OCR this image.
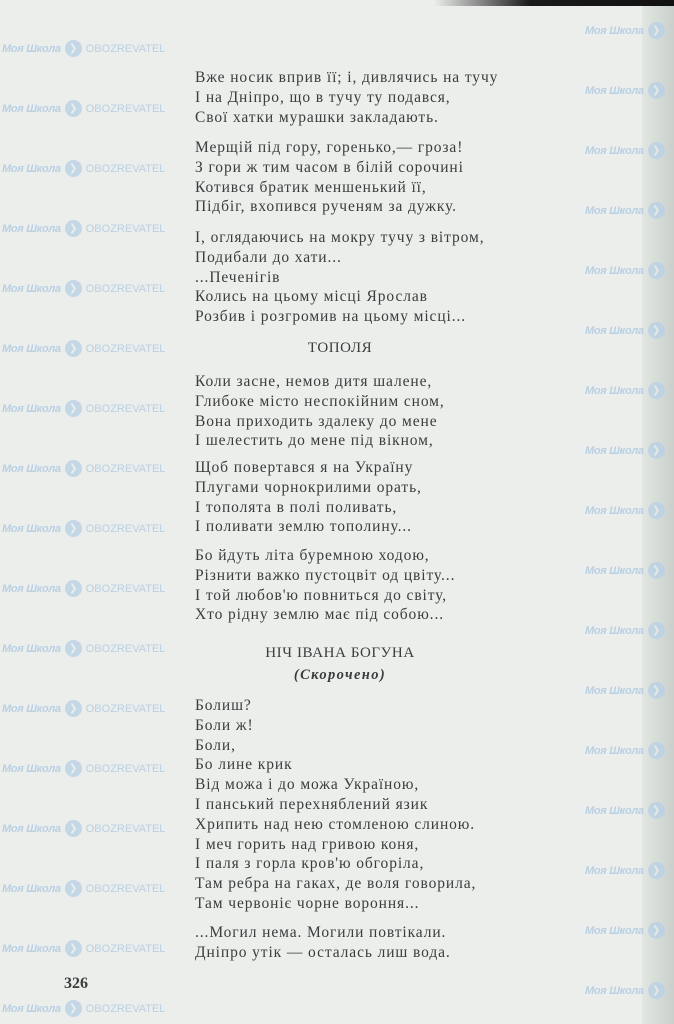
Моя Школа ❯ OBOZREVATEL
Моя Школа ❯ OBOZREVATEL
Моя Школа ❯ OBOZREVATEL
Моя Школа ❯ OBOZREVATEL
Моя Школа ❯ OBOZREVATEL
Моя Школа ❯ OBOZREVATEL
Моя Школа ❯ OBOZREVATEL
Моя Школа ❯ OBOZREVATEL
Моя Школа ❯ OBOZREVATEL
Моя Школа ❯ OBOZREVATEL
Моя Школа ❯ OBOZREVATEL
Моя Школа ❯ OBOZREVATEL
Моя Школа ❯ OBOZREVATEL
Моя Школа ❯ OBOZREVATEL
Моя Школа ❯ OBOZREVATEL
Моя Школа ❯ OBOZREVATEL
Моя Школа ❯ OBOZREVATEL
Моя Школа ❯
Моя Школа ❯
Моя Школа ❯
Моя Школа ❯
Моя Школа ❯
Моя Школа ❯
Моя Школа ❯
Моя Школа ❯
Моя Школа ❯
Моя Школа ❯
Моя Школа ❯
Моя Школа ❯
Моя Школа ❯
Моя Школа ❯
Моя Школа ❯
Моя Школа ❯
Моя Школа ❯
Вже носик вприв її; і, дивлячись на тучу
І на Дніпро, що в тучу ту подався,
Свої хатки мурашки закладають.
Мерщій під гору, горенько,— гроза!
З гори ж тим часом в білій сорочині
Котився братик меншенький її,
Підбіг, вхопився рученям за дужку.
І, оглядаючись на мокру тучу з вітром,
Подибали до хати...
...Печенігів
Колись на цьому місці Ярослав
Розбив і розгромив на цьому місці...
ТОПОЛЯ
Коли засне, немов дитя шалене,
Глибоке місто неспокійним сном,
Вона приходить здалеку до мене
І шелестить до мене під вікном,
Щоб повертався я на Україну
Плугами чорнокрилими орать,
І тополята в полі поливать,
І поливати землю тополину...
Бо йдуть літа буремною ходою,
Різнити важко пустоцвіт од цвіту...
І той любов'ю повниться до світу,
Хто рідну землю має під собою...
НІЧ ІВАНА БОГУНА
(Скорочено)
Болиш?
Боли ж!
Боли,
Бо лине крик
Від можа і до можа Україною,
І панський перехняблений язик
Хрипить над нею стомленою слиною.
І меч горить над гривою коня,
І паля з горла кров'ю обгоріла,
Там ребра на гаках, де воля говорила,
Там червоніє чорне вороння...
...Могил нема. Могили повтікали.
Дніпро утік — осталась лиш вода.
326
